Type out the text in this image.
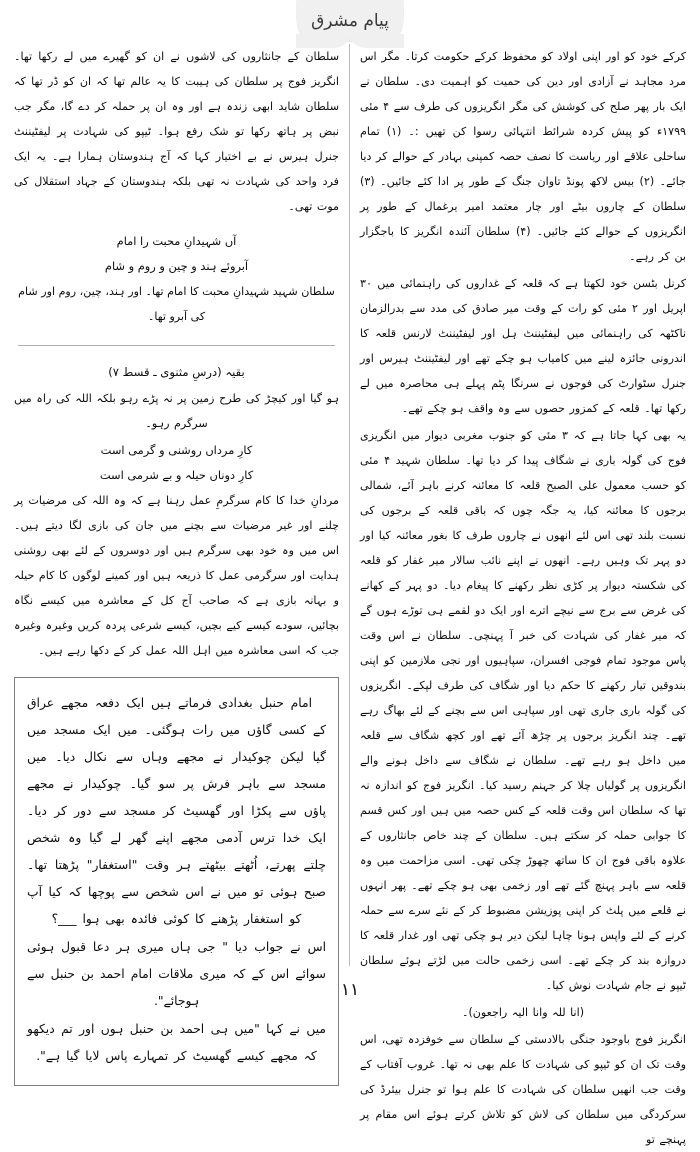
پیام مشرق

کرکے خود کو اور اپنی اولاد کو محفوظ کرکے حکومت کرتا۔ مگر اس مرد مجاہد نے آزادی اور دین کی حمیت کو اہمیت دی۔ سلطان نے ایک بار پھر صلح کی کوشش کی مگر انگریزوں کی طرف سے ۴ مئی ۱۷۹۹ء کو پیش کردہ شرائط انتہائی رسوا کن تھیں :۔ (۱) تمام ساحلی علاقے اور ریاست کا نصف حصہ کمپنی بہادر کے حوالے کر دیا جائے۔ (۲) بیس لاکھ پونڈ تاوان جنگ کے طور پر ادا کئے جائیں۔ (۳) سلطان کے چاروں بیٹے اور چار معتمد امیر یرغمال کے طور پر انگریزوں کے حوالے کئے جائیں۔ (۴) سلطان آئندہ انگریز کا باجگزار بن کر رہے۔

کرنل بٹسن خود لکھتا ہے کہ قلعہ کے غداروں کی راہنمائی میں ۳۰ اپریل اور ۲ مئی کو رات کے وقت میر صادق کی مدد سے بدرالزمان ناکٹھہ کی راہنمائی میں لیفٹیننٹ ہل اور لیفٹیننٹ لارنس قلعہ کا اندرونی جائزہ لینے میں کامیاب ہو چکے تھے اور لیفٹیننٹ ہیرس اور جنرل سٹوارٹ کی فوجوں نے سرنگا پٹم پہلے ہی محاصرہ میں لے رکھا تھا۔ قلعہ کے کمزور حصوں سے وہ واقف ہو چکے تھے۔

یہ بھی کہا جاتا ہے کہ ۳ مئی کو جنوب مغربی دیوار میں انگریزی فوج کی گولہ باری نے شگاف پیدا کر دیا تھا۔ سلطان شہید ۴ مئی کو حسب معمول علی الصبح قلعہ کا معائنہ کرنے باہر آئے، شمالی برجوں کا معائنہ کیا، یہ جگہ چوں کہ باقی قلعہ کے برجوں کی نسبت بلند تھی اس لئے انھوں نے چاروں طرف کا بغور معائنہ کیا اور دو پہر تک وہیں رہے۔ انھوں نے اپنے نائب سالار میر غفار کو قلعہ کی شکستہ دیوار پر کڑی نظر رکھنے کا پیغام دیا۔ دو پہر کے کھانے کی غرض سے برج سے نیچے اترے اور ایک دو لقمے ہی توڑے ہوں گے کہ میر غفار کی شہادت کی خبر آ پہنچی۔ سلطان نے اس وقت پاس موجود تمام فوجی افسران، سپاہیوں اور نجی ملازمین کو اپنی بندوقیں تیار رکھنے کا حکم دیا اور شگاف کی طرف لپکے۔ انگریزوں کی گولہ باری جاری تھی اور سپاہی اس سے بچنے کے لئے بھاگ رہے تھے۔ چند انگریز برجوں پر چڑھ آئے تھے اور کچھ شگاف سے قلعہ میں داخل ہو رہے تھے۔ سلطان نے شگاف سے داخل ہونے والے انگریزوں پر گولیاں چلا کر جہنم رسید کیا۔ انگریز فوج کو اندازہ نہ تھا کہ سلطان اس وقت قلعہ کے کس حصہ میں ہیں اور کس قسم کا جوابی حملہ کر سکتے ہیں۔ سلطان کے چند خاص جانثاروں کے علاوہ باقی فوج ان کا ساتھ چھوڑ چکی تھی۔ اسی مزاحمت میں وہ قلعہ سے باہر پہنچ گئے تھے اور زخمی بھی ہو چکے تھے۔ پھر انہوں نے قلعے میں پلٹ کر اپنی پوزیشن مضبوط کر کے نئے سرے سے حملہ کرنے کے لئے واپس ہونا چاہا لیکن دیر ہو چکی تھی اور غدار قلعہ کا دروازہ بند کر چکے تھے۔ اسی زخمی حالت میں لڑتے ہوئے سلطان ٹیپو نے جام شہادت نوش کیا۔

(انا للہ وانا الیہ راجعون)۔

انگریز فوج باوجود جنگی بالادستی کے سلطان سے خوفزدہ تھی، اس وقت تک ان کو ٹیپو کی شہادت کا علم بھی نہ تھا۔ غروب آفتاب کے وقت جب انھیں سلطان کی شہادت کا علم ہوا تو جنرل بیئرڈ کی سرکردگی میں سلطان کی لاش کو تلاش کرتے ہوئے اس مقام پر پہنچے تو

سلطان کے جانثاروں کی لاشوں نے ان کو گھیرے میں لے رکھا تھا۔ انگریز فوج پر سلطان کی ہیبت کا یہ عالم تھا کہ ان کو ڈر تھا کہ سلطان شاید ابھی زندہ ہے اور وہ ان پر حملہ کر دے گا، مگر جب نبض پر ہاتھ رکھا تو شک رفع ہوا۔ ٹیپو کی شہادت پر لیفٹیننٹ جنرل ہیرس نے بے اختیار کہا کہ آج ہندوستان ہمارا ہے۔ یہ ایک فرد واحد کی شہادت نہ تھی بلکہ ہندوستان کے جہاد استقلال کی موت تھی۔

آں شہیدانِ محبت را امام

آبروئے ہند و چین و روم و شام

سلطان شہید شہیدانِ محبت کا امام تھا۔ اور ہند، چین، روم اور شام کی آبرو تھا۔

بقیہ (درسِ مثنوی ـ قسط ۷)

ہو گیا اور کیچڑ کی طرح زمین پر نہ پڑے رہو بلکہ اللہ کی راہ میں سرگرم رہو۔

کارِ مرداں روشنی و گرمی است

کارِ دوناں حیلہ و بے شرمی است

مردانِ خدا کا کام سرگرمِ عمل رہنا ہے کہ وہ اللہ کی مرضیات پر چلنے اور غیر مرضیات سے بچنے میں جان کی بازی لگا دیتے ہیں۔ اس میں وہ خود بھی سرگرم ہیں اور دوسروں کے لئے بھی روشنی ہدایت اور سرگرمی عمل کا ذریعہ ہیں اور کمینے لوگوں کا کام حیلہ و بہانہ بازی ہے کہ صاحب آج کل کے معاشرہ میں کیسے نگاہ بچائیں، سودے کیسے کیے بچیں، کیسے شرعی پردہ کریں وغیرہ وغیرہ جب کہ اسی معاشرہ میں اہل اللہ عمل کر کے دکھا رہے ہیں۔

امام حنبل بغدادی فرماتے ہیں ایک دفعہ مجھے عراق کے کسی گاؤں میں رات ہوگئی۔ میں ایک مسجد میں گیا لیکن چوکیدار نے مجھے وہاں سے نکال دیا۔ میں مسجد سے باہر فرش پر سو گیا۔ چوکیدار نے مجھے پاؤں سے پکڑا اور گھسیٹ کر مسجد سے دور کر دیا۔ ایک خدا ترس آدمی مجھے اپنے گھر لے گیا وہ شخص چلتے پھرتے، اُٹھتے بیٹھتے ہر وقت "استغفار" پڑھتا تھا۔ صبح ہوئی تو میں نے اس شخص سے پوچھا کہ کیا آپ کو استغفار پڑھنے کا کوئی فائدہ بھی ہوا ___؟

اس نے جواب دیا " جی ہاں میری ہر دعا قبول ہوئی سوائے اس کے کہ میری ملاقات امام احمد بن حنبل سے ہوجائے".

میں نے کہا "میں ہی احمد بن حنبل ہوں اور تم دیکھو کہ مجھے کیسے گھسیٹ کر تمہارے پاس لایا گیا ہے".

۱۱
